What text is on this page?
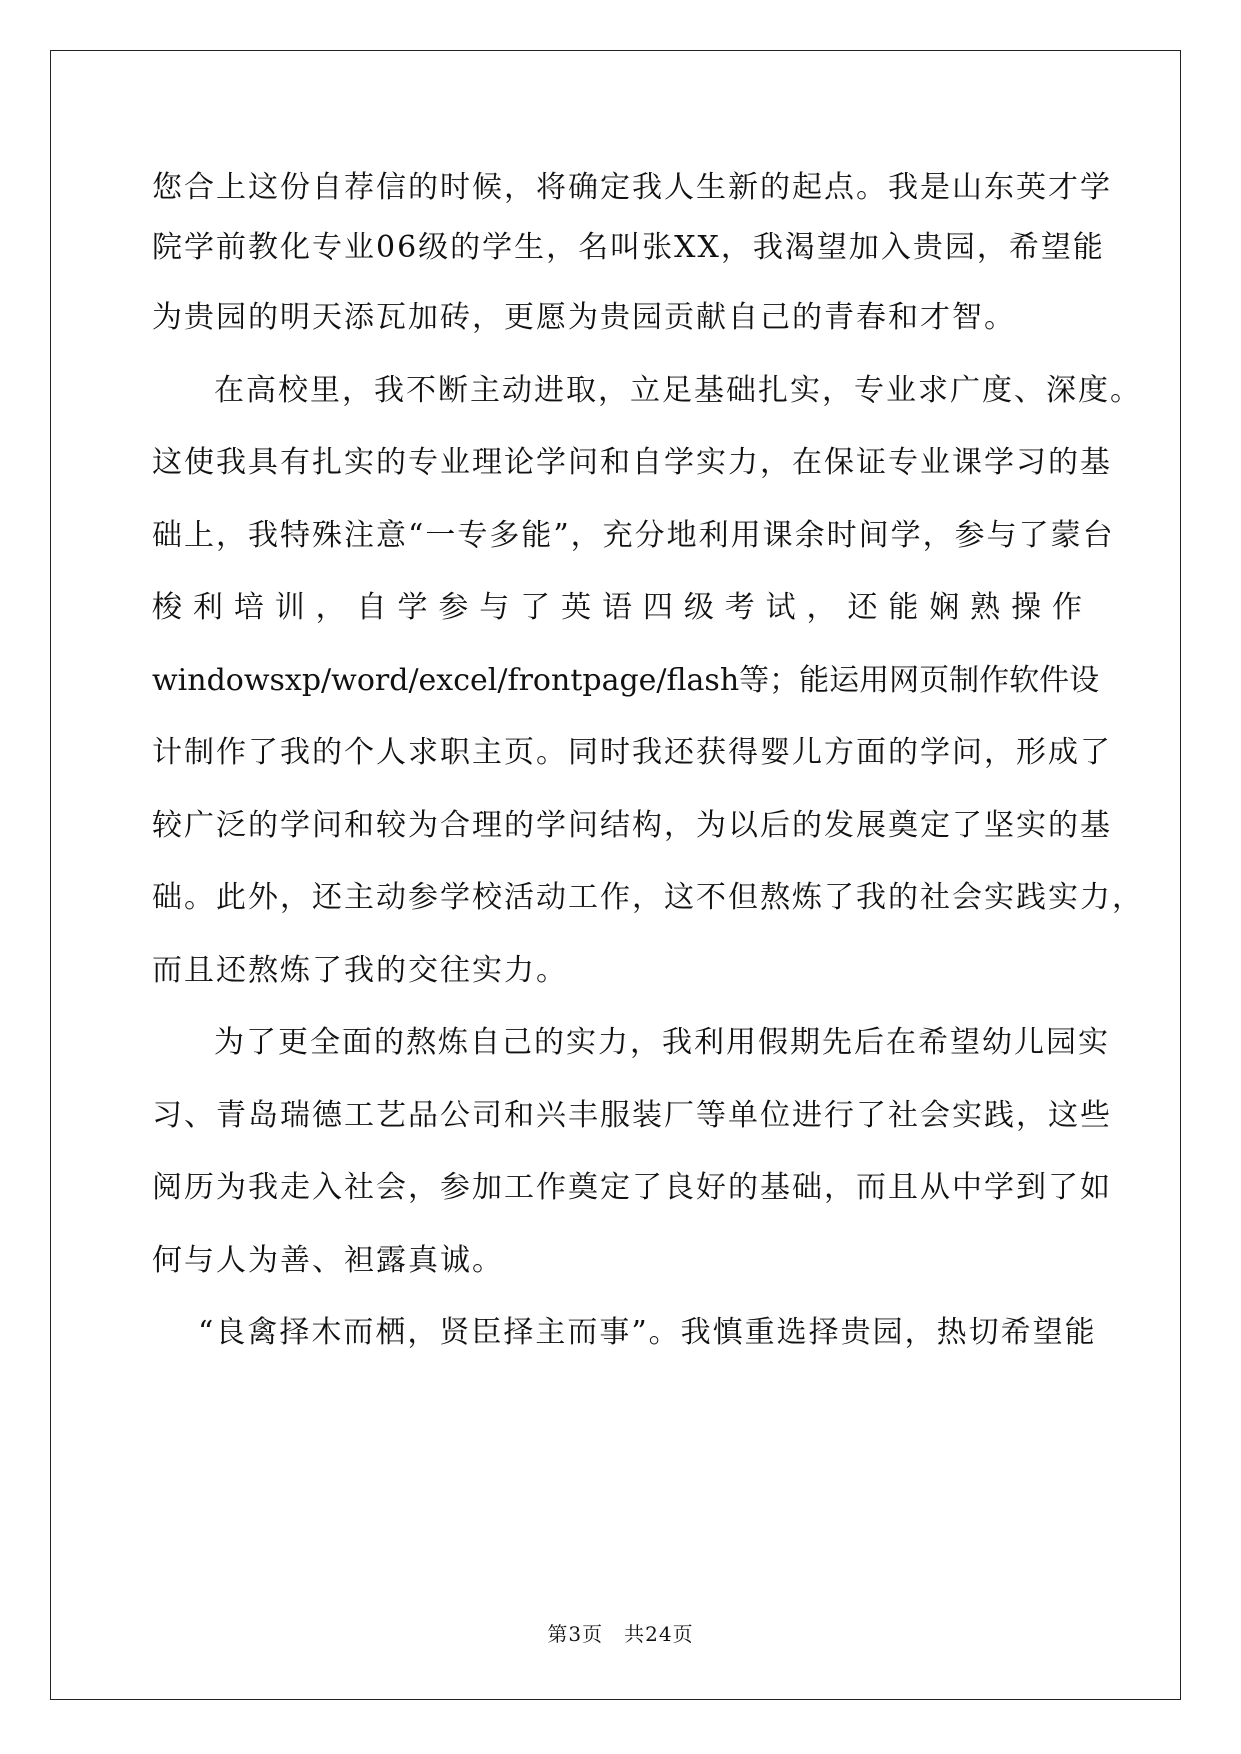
您合上这份自荐信的时候，将确定我人生新的起点。我是山东英才学
院学前教化专业06级的学生，名叫张XX，我渴望加入贵园，希望能
为贵园的明天添瓦加砖，更愿为贵园贡献自己的青春和才智。
在高校里，我不断主动进取，立足基础扎实，专业求广度、深度。
这使我具有扎实的专业理论学问和自学实力，在保证专业课学习的基
础上，我特殊注意“一专多能”，充分地利用课余时间学，参与了蒙台
梭 利 培 训 ， 自 学 参 与 了 英 语 四 级 考 试 ， 还 能 娴 熟 操 作
windowsxp/word/excel/frontpage/flash等；能运用网页制作软件设
计制作了我的个人求职主页。同时我还获得婴儿方面的学问，形成了
较广泛的学问和较为合理的学问结构，为以后的发展奠定了坚实的基
础。此外，还主动参学校活动工作，这不但熬炼了我的社会实践实力，
而且还熬炼了我的交往实力。
为了更全面的熬炼自己的实力，我利用假期先后在希望幼儿园实
习、青岛瑞德工艺品公司和兴丰服装厂等单位进行了社会实践，这些
阅历为我走入社会，参加工作奠定了良好的基础，而且从中学到了如
何与人为善、袒露真诚。
“良禽择木而栖，贤臣择主而事”。我慎重选择贵园，热切希望能
第3页　共24页
